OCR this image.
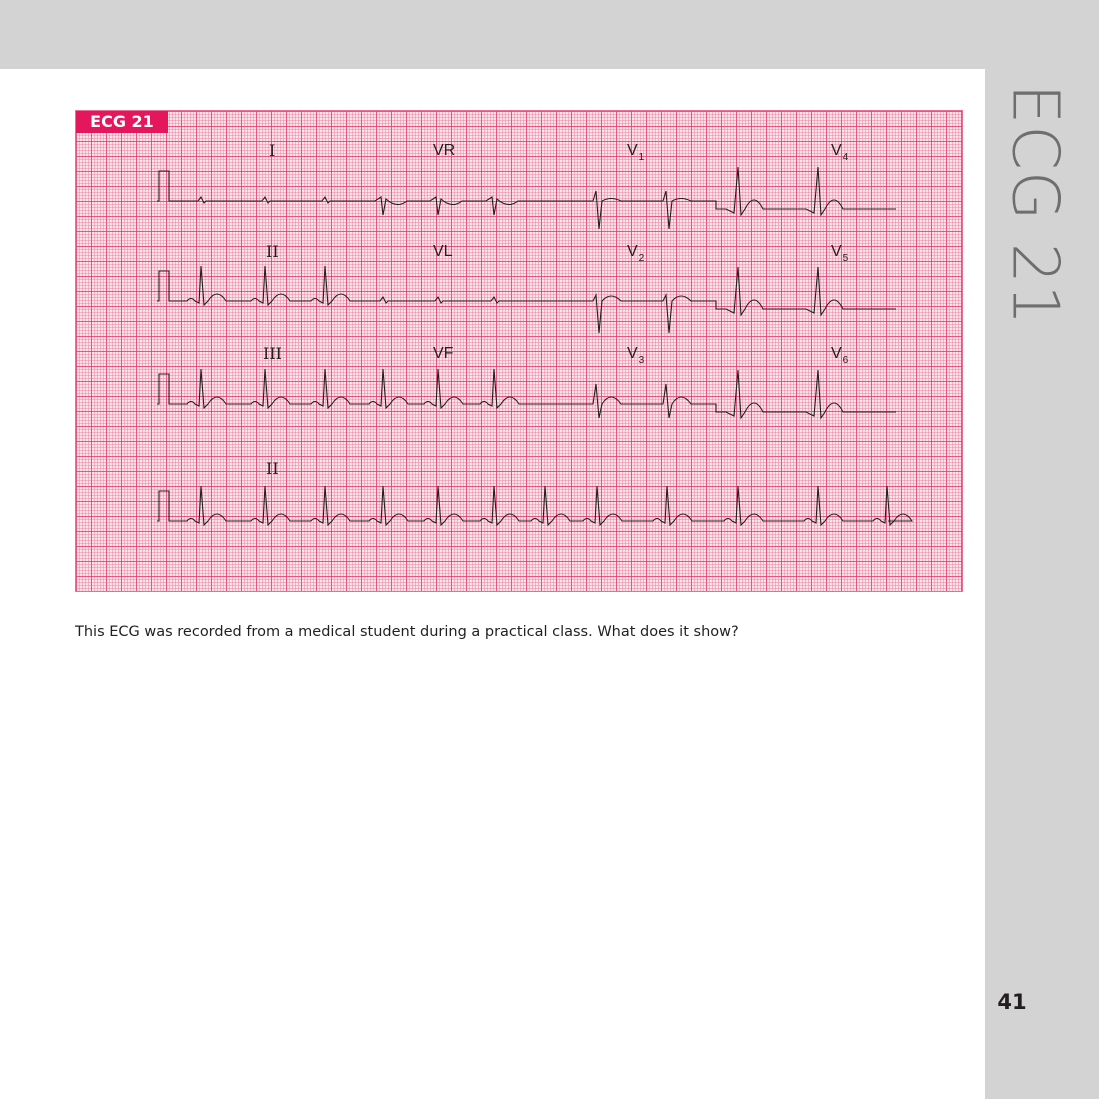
ECG 21
ECG 21
I	VR	$V_1$	$V_4$
II	VL	$V_2$	$V_5$
III	VF	$V_3$	$V_6$
II
This ECG was recorded from a medical student during a practical class. What does it show?
41
